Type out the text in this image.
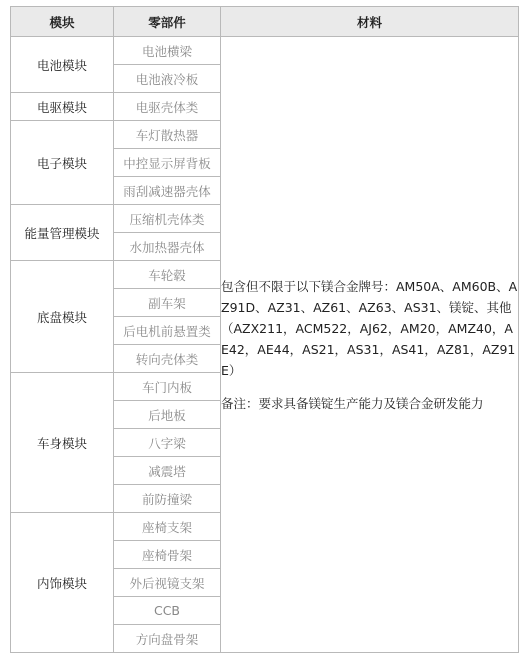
模块	零部件	材料
电池模块	电池横梁	包含但不限于以下镁合金牌号：AM50A、AM60B、AZ91D、AZ31、AZ61、AZ63、AS31、镁锭、其他（AZX211，ACM522，AJ62，AM20，AMZ40，AE42，AE44，AS21，AS31，AS41，AZ81，AZ91E）
备注：要求具备镁锭生产能力及镁合金研发能力

	电池液冷板	
电驱模块	电驱壳体类	
电子模块	车灯散热器	
	中控显示屏背板	
	雨刮减速器壳体	
能量管理模块	压缩机壳体类	
	水加热器壳体	
底盘模块	车轮毂	
	副车架	
	后电机前悬置类	
	转向壳体类	
车身模块	车门内板	
	后地板	
	八字梁	
	减震塔	
	前防撞梁	
内饰模块	座椅支架	
	座椅骨架	
	外后视镜支架	
	CCB	
	方向盘骨架	
